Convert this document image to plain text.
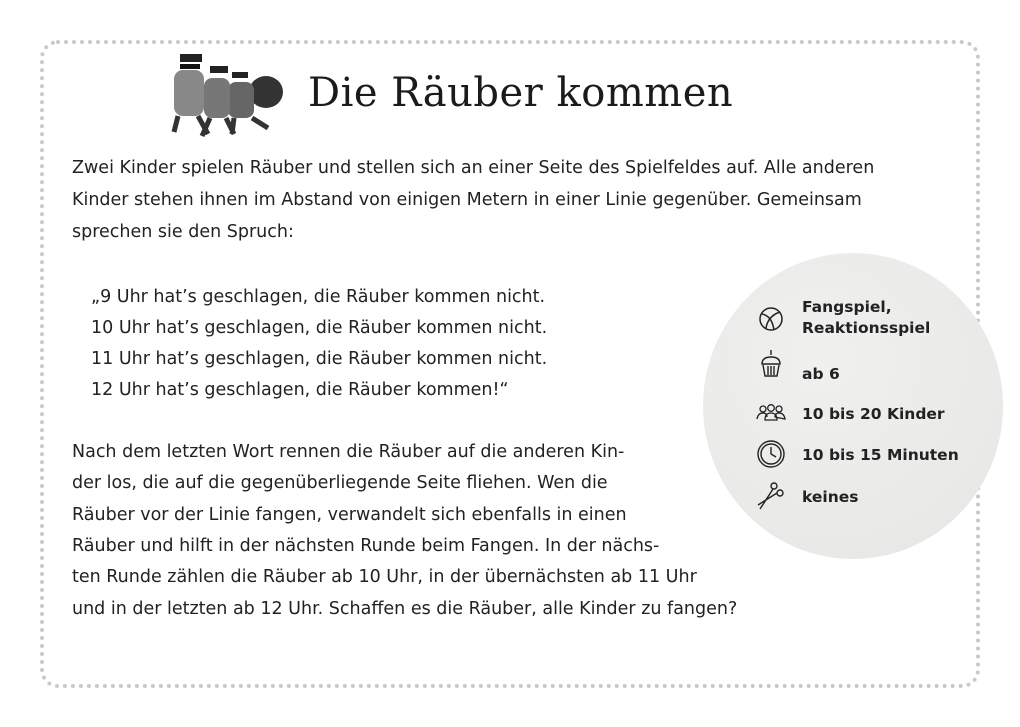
Die Räuber kommen
Zwei Kinder spielen Räuber und stellen sich an einer Seite des Spielfeldes auf. Alle anderen
Kinder stehen ihnen im Abstand von einigen Metern in einer Linie gegenüber. Gemeinsam
sprechen sie den Spruch:
„9 Uhr hat’s geschlagen, die Räuber kommen nicht.
10 Uhr hat’s geschlagen, die Räuber kommen nicht.
11 Uhr hat’s geschlagen, die Räuber kommen nicht.
12 Uhr hat’s geschlagen, die Räuber kommen!“
Nach dem letzten Wort rennen die Räuber auf die anderen Kin-
der los, die auf die gegenüberliegende Seite fliehen. Wen die
Räuber vor der Linie fangen, verwandelt sich ebenfalls in einen
Räuber und hilft in der nächsten Runde beim Fangen. In der nächs-
ten Runde zählen die Räuber ab 10 Uhr, in der übernächsten ab 11 Uhr
und in der letzten ab 12 Uhr. Schaffen es die Räuber, alle Kinder zu fangen?
Fangspiel,
Reaktionsspiel
ab 6
10 bis 20 Kinder
10 bis 15 Minuten
keines
